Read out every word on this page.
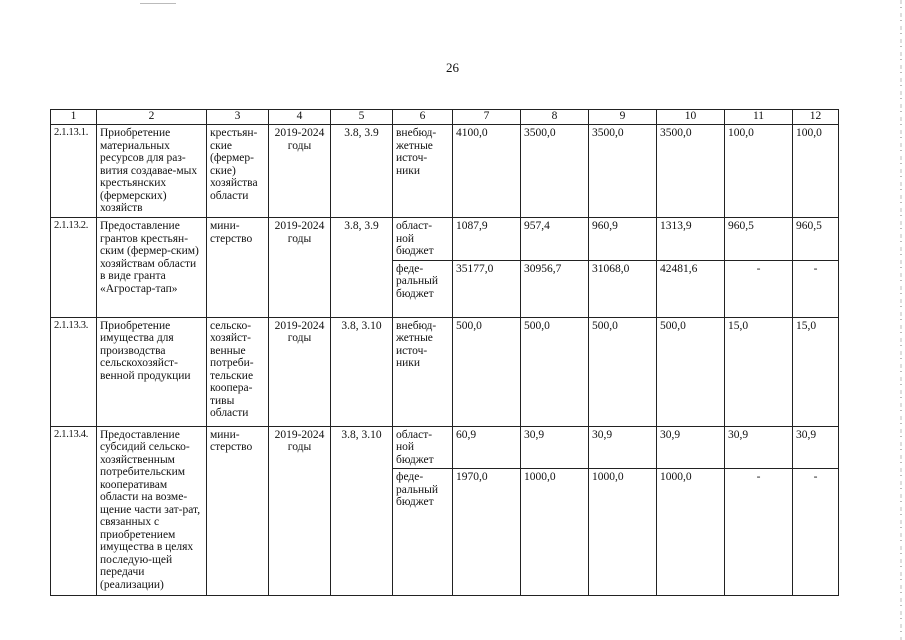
26
1	2	3	4	5	6	7	8	9	10	11	12
2.1.13.1.	Приобретение материальных ресурсов для раз-вития создавае-мых крестьянских (фермерских) хозяйств	крестьян-ские (фермер-ские) хозяйства области	2019-2024 годы	3.8, 3.9	внебюд-жетные источ-ники	4100,0	3500,0	3500,0	3500,0	100,0	100,0
2.1.13.2.	Предоставление грантов крестьян-ским (фермер-ским) хозяйствам области в виде гранта «Агростар-тап»	мини-стерство	2019-2024 годы	3.8, 3.9	област-ной бюджет	1087,9	957,4	960,9	1313,9	960,5	960,5
					феде-ральный бюджет	35177,0	30956,7	31068,0	42481,6	-	-
2.1.13.3.	Приобретение имущества для производства сельскохозяйст-венной продукции	сельско-хозяйст-венные потреби-тельские коопера-тивы области	2019-2024 годы	3.8, 3.10	внебюд-жетные источ-ники	500,0	500,0	500,0	500,0	15,0	15,0
2.1.13.4.	Предоставление субсидий сельско-хозяйственным потребительским кооперативам области на возме-щение части зат-рат, связанных с приобретением имущества в целях последую-щей передачи (реализации)	мини-стерство	2019-2024 годы	3.8, 3.10	област-ной бюджет	60,9	30,9	30,9	30,9	30,9	30,9
					феде-ральный бюджет	1970,0	1000,0	1000,0	1000,0	-	-
